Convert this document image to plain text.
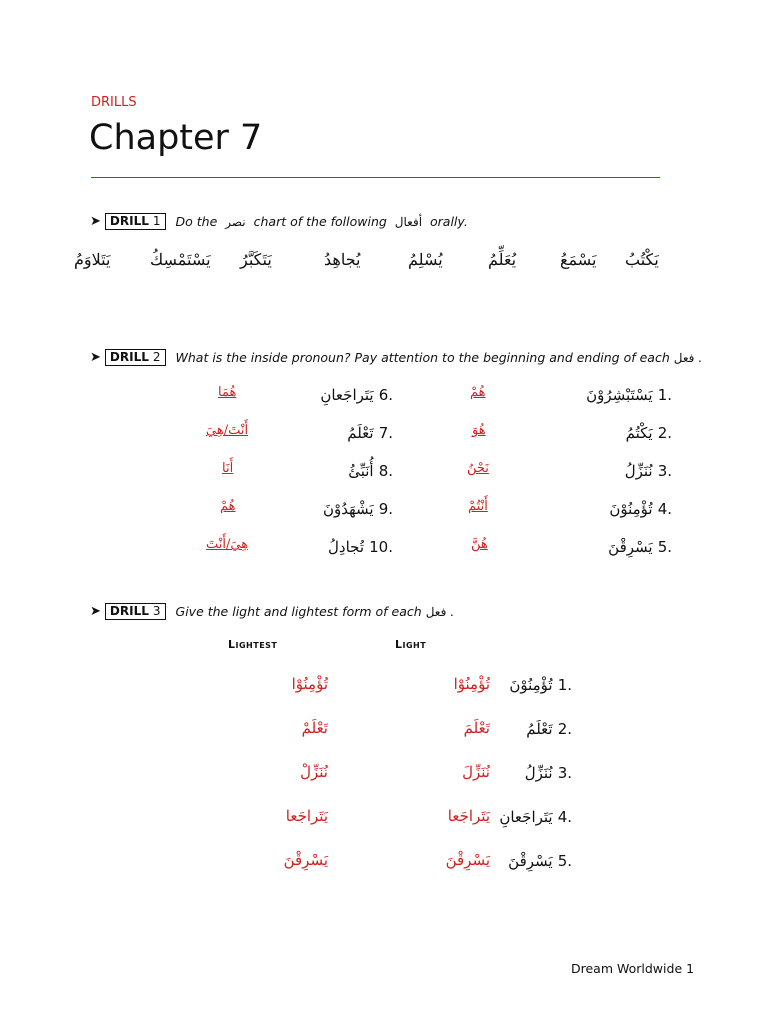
DRILLS
Chapter 7
➤ DRILL 1	Do the نصر chart of the following أفعال orally.
يَكْتُبُ
يَسْمَعُ
يُعَلِّمُ
يُسْلِمُ
يُجاهِدُ
يَتَكَبَّرُ
يَسْتَمْسِكُ
يَتَلاوَمُ
➤ DRILL 2	What is the inside pronoun? Pay attention to the beginning and ending of each فعل .
يَسْتَبْشِرُوْنَ 1.
هُمْ
يَكْتُمُ 2.
هُوَ
نُنَزِّلُ 3.
نَحْنُ
تُؤْمِنُوْنَ 4.
أَنْتُمْ
يَسْرِقْنَ 5.
هُنَّ
يَتَراجَعانِ 6.
هُمَا
تَعْلَمُ 7.
أَنْتَ/هِيَ
أُنَبِّئُ 8.
أَنَا
يَشْهَدُوْنَ 9.
هُمْ
تُجادِلُ 10.
هِيَ/أَنْتَ
➤ DRILL 3	Give the light and lightest form of each فعل .
Lightest	Light
تُؤْمِنُوْنَ 1.
تُؤْمِنُوْا
تُؤْمِنُوْا
تَعْلَمُ 2.
تَعْلَمَ
تَعْلَمْ
نُنَزِّلُ 3.
نُنَزِّلَ
نُنَزِّلْ
يَتَراجَعانِ 4.
يَتَراجَعا
يَتَراجَعا
يَسْرِقْنَ 5.
يَسْرِقْنَ
يَسْرِقْنَ
Dream Worldwide 1
